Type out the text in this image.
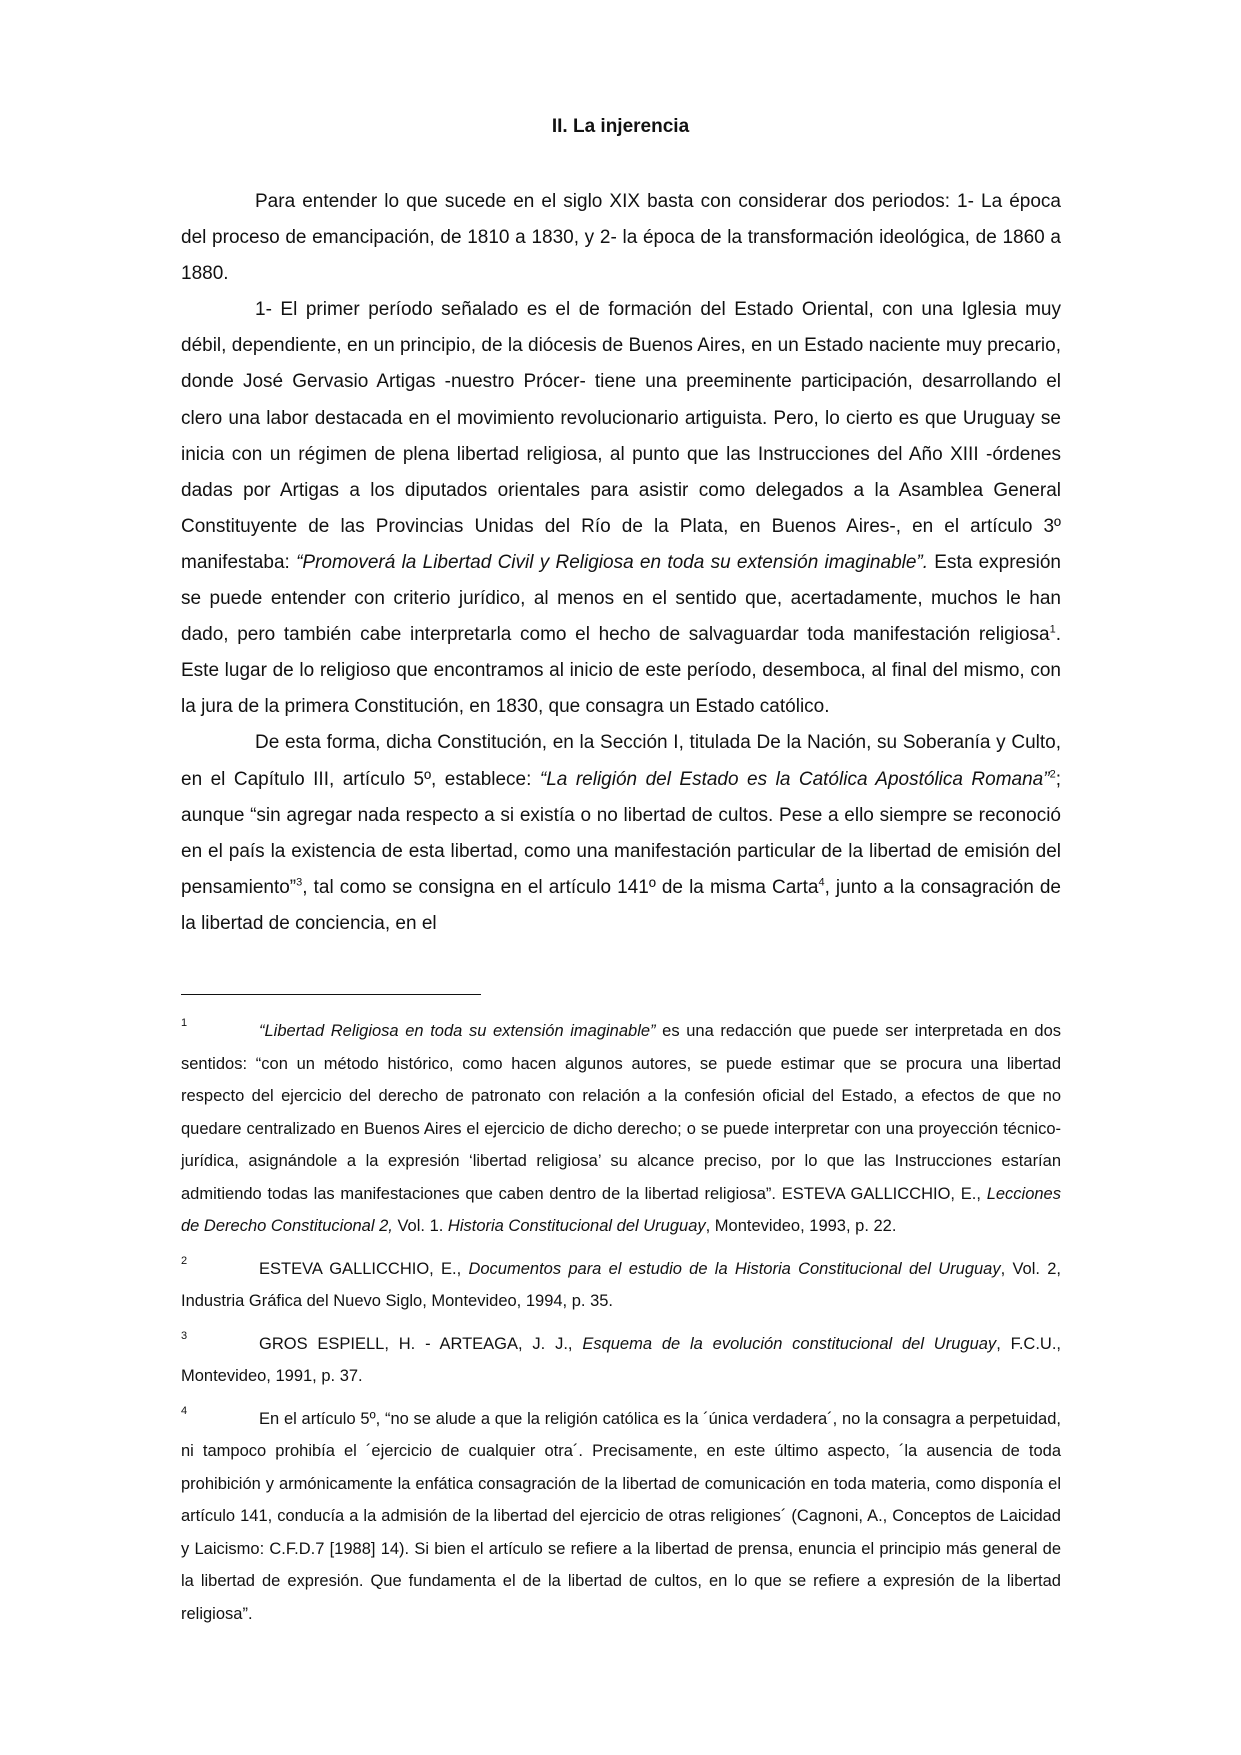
II. La injerencia

Para entender lo que sucede en el siglo XIX basta con considerar dos periodos: 1- La época del proceso de emancipación, de 1810 a 1830, y 2- la época de la transformación ideológica, de 1860 a 1880.

1- El primer período señalado es el de formación del Estado Oriental, con una Iglesia muy débil, dependiente, en un principio, de la diócesis de Buenos Aires, en un Estado naciente muy precario, donde José Gervasio Artigas -nuestro Prócer- tiene una preeminente participación, desarrollando el clero una labor destacada en el movimiento revolucionario artiguista. Pero, lo cierto es que Uruguay se inicia con un régimen de plena libertad religiosa, al punto que las Instrucciones del Año XIII -órdenes dadas por Artigas a los diputados orientales para asistir como delegados a la Asamblea General Constituyente de las Provincias Unidas del Río de la Plata, en Buenos Aires-, en el artículo 3º manifestaba: “Promoverá la Libertad Civil y Religiosa en toda su extensión imaginable”. Esta expresión se puede entender con criterio jurídico, al menos en el sentido que, acertadamente, muchos le han dado, pero también cabe interpretarla como el hecho de salvaguardar toda manifestación religiosa$^1$. Este lugar de lo religioso que encontramos al inicio de este período, desemboca, al final del mismo, con la jura de la primera Constitución, en 1830, que consagra un Estado católico.

De esta forma, dicha Constitución, en la Sección I, titulada De la Nación, su Soberanía y Culto, en el Capítulo III, artículo 5º, establece: “La religión del Estado es la Católica Apostólica Romana”$^2$; aunque “sin agregar nada respecto a si existía o no libertad de cultos. Pese a ello siempre se reconoció en el país la existencia de esta libertad, como una manifestación particular de la libertad de emisión del pensamiento”$^3$, tal como se consigna en el artículo 141º de la misma Carta$^4$, junto a la consagración de la libertad de conciencia, en el

1	“Libertad Religiosa en toda su extensión imaginable” es una redacción que puede ser interpretada en dos sentidos: “con un método histórico, como hacen algunos autores, se puede estimar que se procura una libertad respecto del ejercicio del derecho de patronato con relación a la confesión oficial del Estado, a efectos de que no quedare centralizado en Buenos Aires el ejercicio de dicho derecho; o se puede interpretar con una proyección técnico-jurídica, asignándole a la expresión ‘libertad religiosa’ su alcance preciso, por lo que las Instrucciones estarían admitiendo todas las manifestaciones que caben dentro de la libertad religiosa”. ESTEVA GALLICCHIO, E., Lecciones de Derecho Constitucional 2, Vol. 1. Historia Constitucional del Uruguay, Montevideo, 1993, p. 22.

2	ESTEVA GALLICCHIO, E., Documentos para el estudio de la Historia Constitucional del Uruguay, Vol. 2, Industria Gráfica del Nuevo Siglo, Montevideo, 1994, p. 35.

3	GROS ESPIELL, H. - ARTEAGA, J. J., Esquema de la evolución constitucional del Uruguay, F.C.U., Montevideo, 1991, p. 37.

4	En el artículo 5º, “no se alude a que la religión católica es la ´única verdadera´, no la consagra a perpetuidad, ni tampoco prohibía el ´ejercicio de cualquier otra´. Precisamente, en este último aspecto, ´la ausencia de toda prohibición y armónicamente la enfática consagración de la libertad de comunicación en toda materia, como disponía el artículo 141, conducía a la admisión de la libertad del ejercicio de otras religiones´ (Cagnoni, A., Conceptos de Laicidad y Laicismo: C.F.D.7 [1988] 14). Si bien el artículo se refiere a la libertad de prensa, enuncia el principio más general de la libertad de expresión. Que fundamenta el de la libertad de cultos, en lo que se refiere a expresión de la libertad religiosa”.
